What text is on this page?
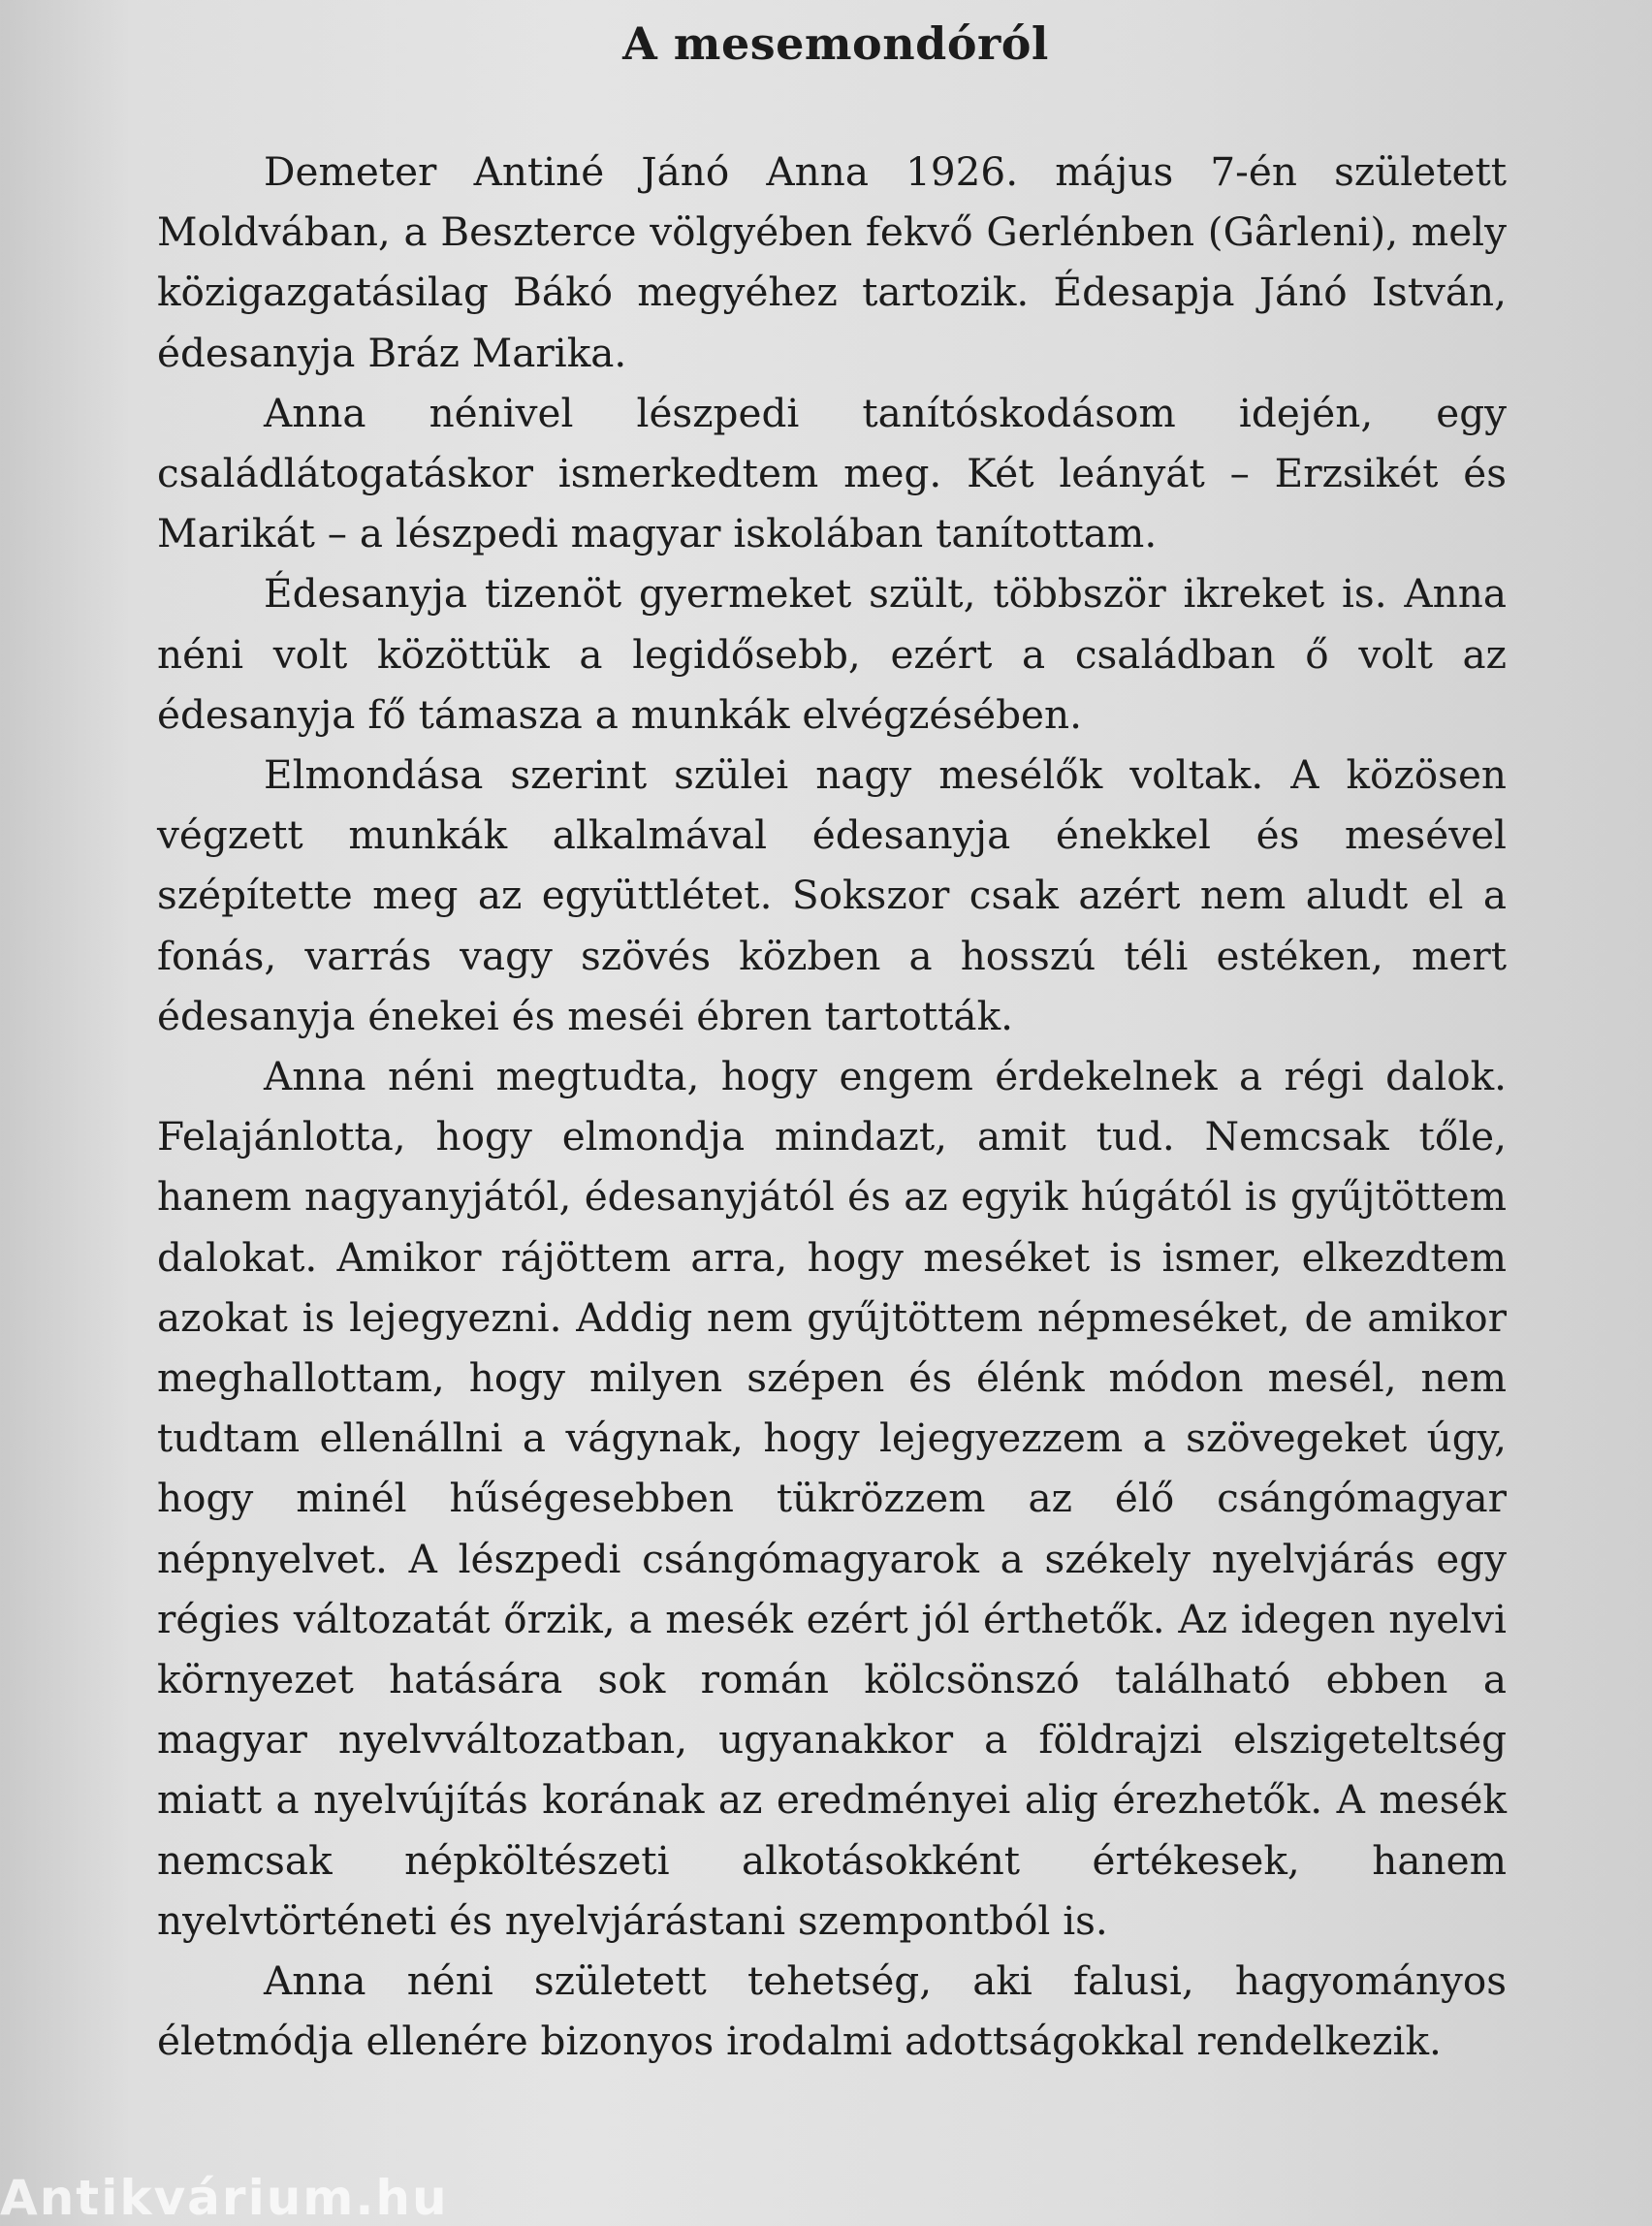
A mesemondóról

Demeter Antiné Jánó Anna 1926. május 7-én született Moldvában, a Beszterce völgyében fekvő Gerlénben (Gârleni), mely közigazgatásilag Bákó megyéhez tartozik. Édesapja Jánó István, édesanyja Bráz Marika.

Anna nénivel lészpedi tanítóskodásom idején, egy családlátogatáskor ismerkedtem meg. Két leányát – Erzsikét és Marikát – a lészpedi magyar iskolában tanítottam.

Édesanyja tizenöt gyermeket szült, többször ikreket is. Anna néni volt közöttük a legidősebb, ezért a családban ő volt az édesanyja fő támasza a munkák elvégzésében.

Elmondása szerint szülei nagy mesélők voltak. A közösen végzett munkák alkalmával édesanyja énekkel és mesével szépítette meg az együttlétet. Sokszor csak azért nem aludt el a fonás, varrás vagy szövés közben a hosszú téli estéken, mert édesanyja énekei és meséi ébren tartották.

Anna néni megtudta, hogy engem érdekelnek a régi dalok. Felajánlotta, hogy elmondja mindazt, amit tud. Nemcsak tőle, hanem nagyanyjától, édesanyjától és az egyik húgától is gyűjtöttem dalokat. Amikor rájöttem arra, hogy meséket is ismer, elkezdtem azokat is lejegyezni. Addig nem gyűjtöttem népmeséket, de amikor meghallottam, hogy milyen szépen és élénk módon mesél, nem tudtam ellenállni a vágynak, hogy lejegyezzem a szövegeket úgy, hogy minél hűségesebben tükrözzem az élő csángómagyar népnyelvet. A lészpedi csángómagyarok a székely nyelvjárás egy régies változatát őrzik, a mesék ezért jól érthetők. Az idegen nyelvi környezet hatására sok román kölcsönszó található ebben a magyar nyelvváltozatban, ugyanakkor a földrajzi elszigeteltség miatt a nyelvújítás korának az eredményei alig érezhetők. A mesék nemcsak népköltészeti alkotásokként értékesek, hanem nyelvtörténeti és nyelvjárástani szempontból is.

Anna néni született tehetség, aki falusi, hagyományos életmódja ellenére bizonyos irodalmi adottságokkal rendelkezik.

Antikvárium.hu
